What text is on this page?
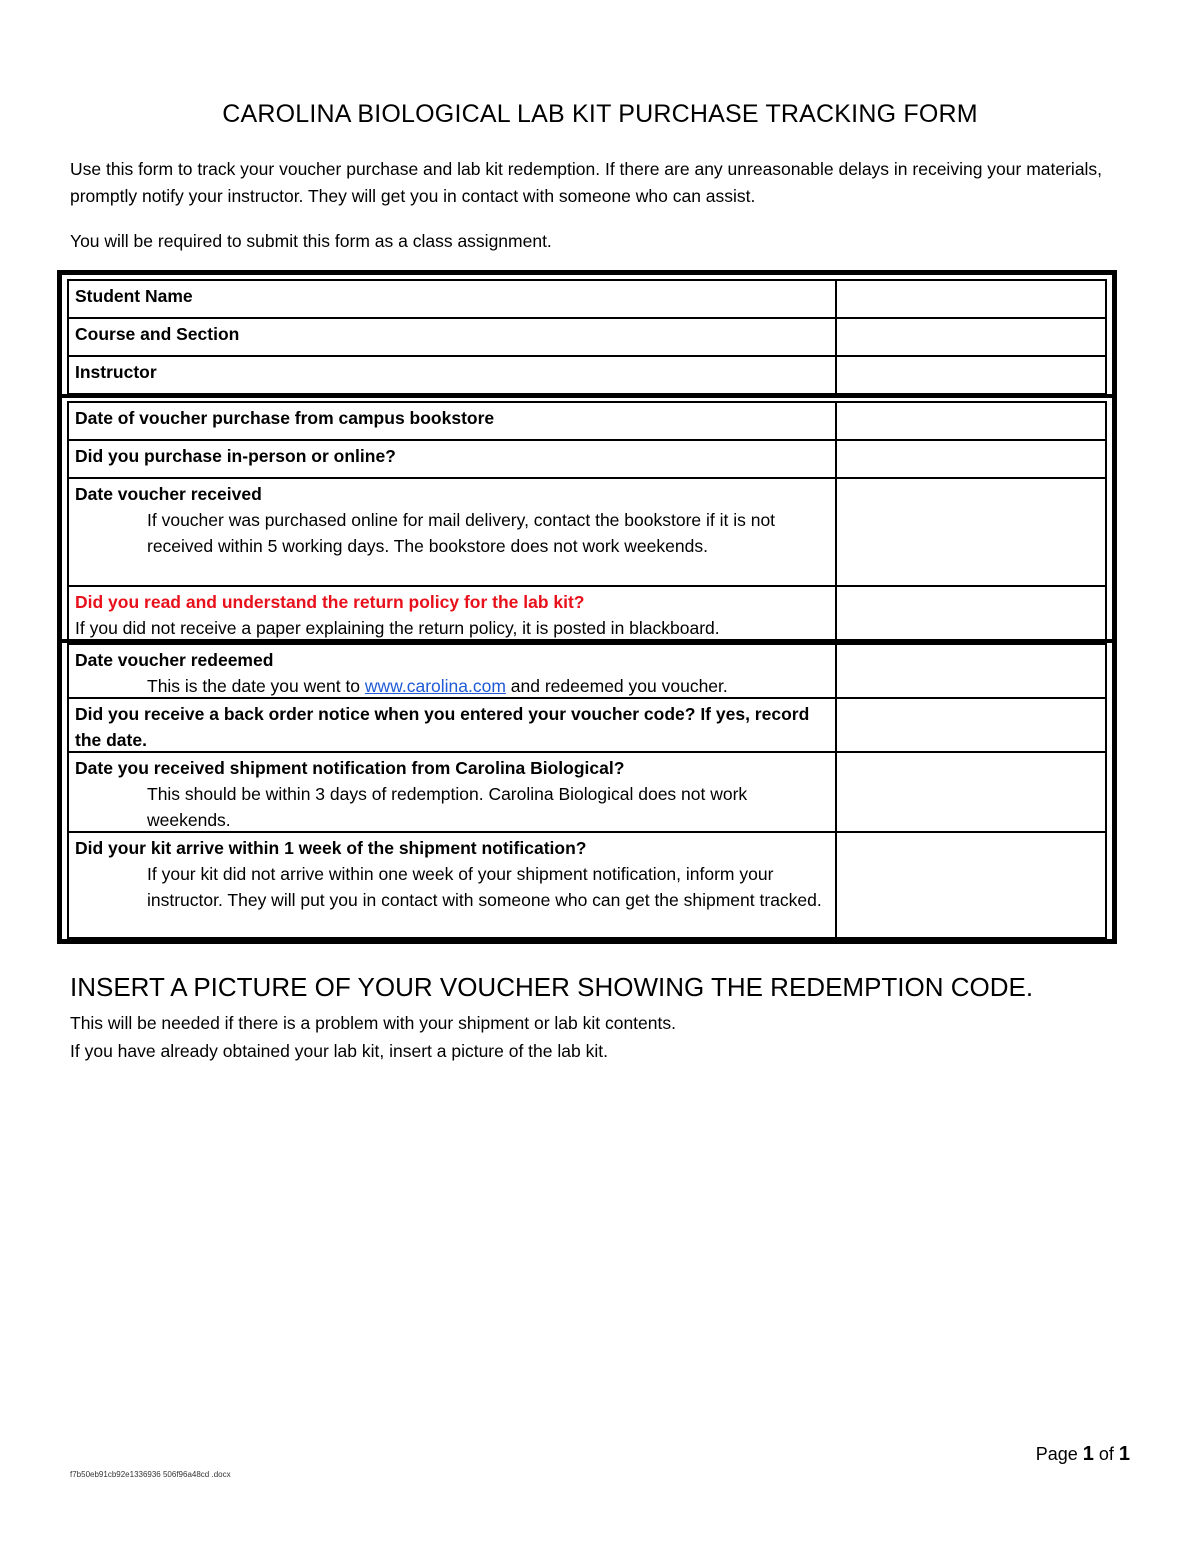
CAROLINA BIOLOGICAL LAB KIT PURCHASE TRACKING FORM
Use this form to track your voucher purchase and lab kit redemption. If there are any unreasonable delays in receiving your materials, promptly notify your instructor. They will get you in contact with someone who can assist.
You will be required to submit this form as a class assignment.
Student Name
Course and Section
Instructor
Date of voucher purchase from campus bookstore
Did you purchase in-person or online?
Date voucher received
If voucher was purchased online for mail delivery, contact the bookstore if it is not received within 5 working days. The bookstore does not work weekends.
Did you read and understand the return policy for the lab kit?
If you did not receive a paper explaining the return policy, it is posted in blackboard.
Date voucher redeemed
This is the date you went to www.carolina.com and redeemed you voucher.
Did you receive a back order notice when you entered your voucher code? If yes, record the date.
Date you received shipment notification from Carolina Biological?
This should be within 3 days of redemption. Carolina Biological does not work weekends.
Did your kit arrive within 1 week of the shipment notification?
If your kit did not arrive within one week of your shipment notification, inform your instructor. They will put you in contact with someone who can get the shipment tracked.
INSERT A PICTURE OF YOUR VOUCHER SHOWING THE REDEMPTION CODE.
This will be needed if there is a problem with your shipment or lab kit contents.
If you have already obtained your lab kit, insert a picture of the lab kit.
Page 1 of 1
f7b50eb91cb92e1336936 506f96a48cd .docx
